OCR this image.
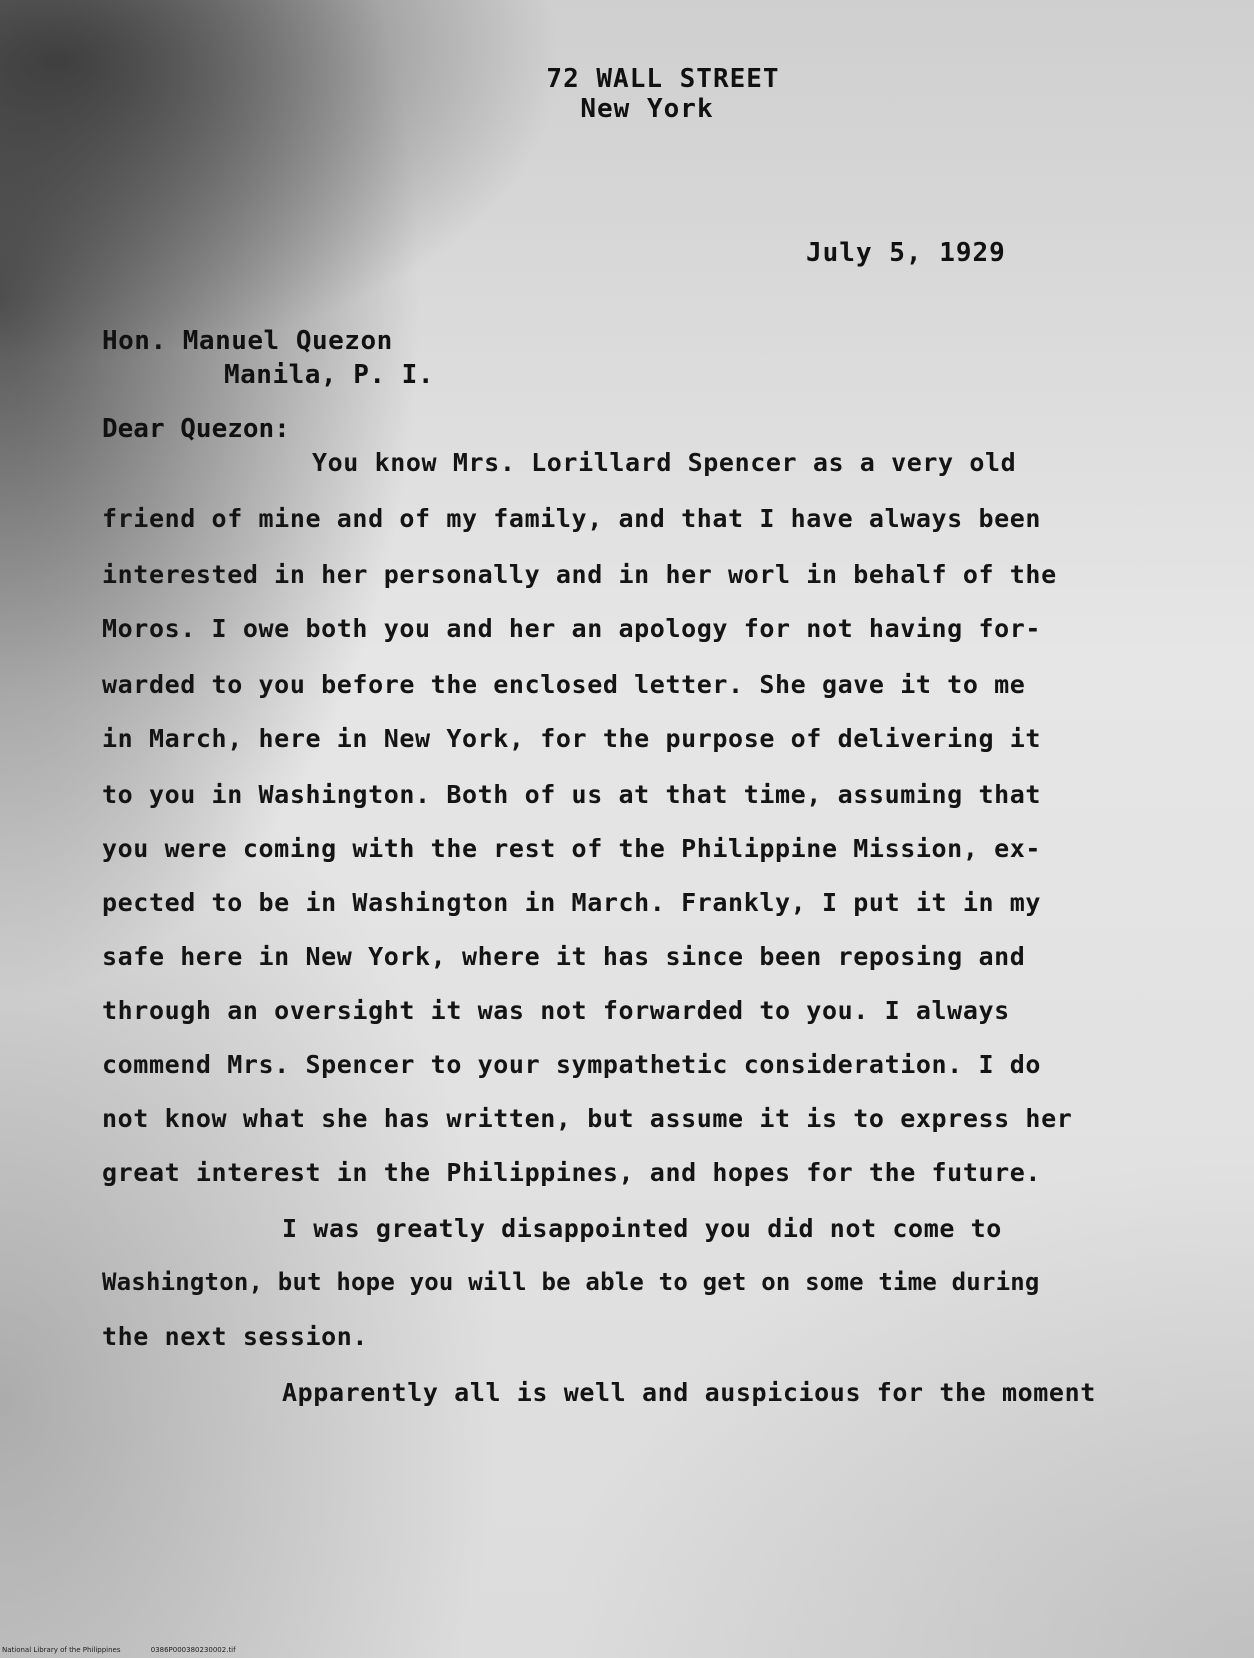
72 WALL STREET
New York
July 5, 1929
Hon. Manuel Quezon
Manila, P. I.
Dear Quezon:
You know Mrs. Lorillard Spencer as a very old
friend of mine and of my family, and that I have always been
interested in her personally and in her worl in behalf of the
Moros. I owe both you and her an apology for not having for-
warded to you before the enclosed letter. She gave it to me
in March, here in New York, for the purpose of delivering it
to you in Washington. Both of us at that time, assuming that
you were coming with the rest of the Philippine Mission, ex-
pected to be in Washington in March. Frankly, I put it in my
safe here in New York, where it has since been reposing and
through an oversight it was not forwarded to you. I always
commend Mrs. Spencer to your sympathetic consideration. I do
not know what she has written, but assume it is to express her
great interest in the Philippines, and hopes for the future.
I was greatly disappointed you did not come to
Washington, but hope you will be able to get on some time during
the next session.
Apparently all is well and auspicious for the moment
National Library of the Philippines	0386P000380230002.tif
